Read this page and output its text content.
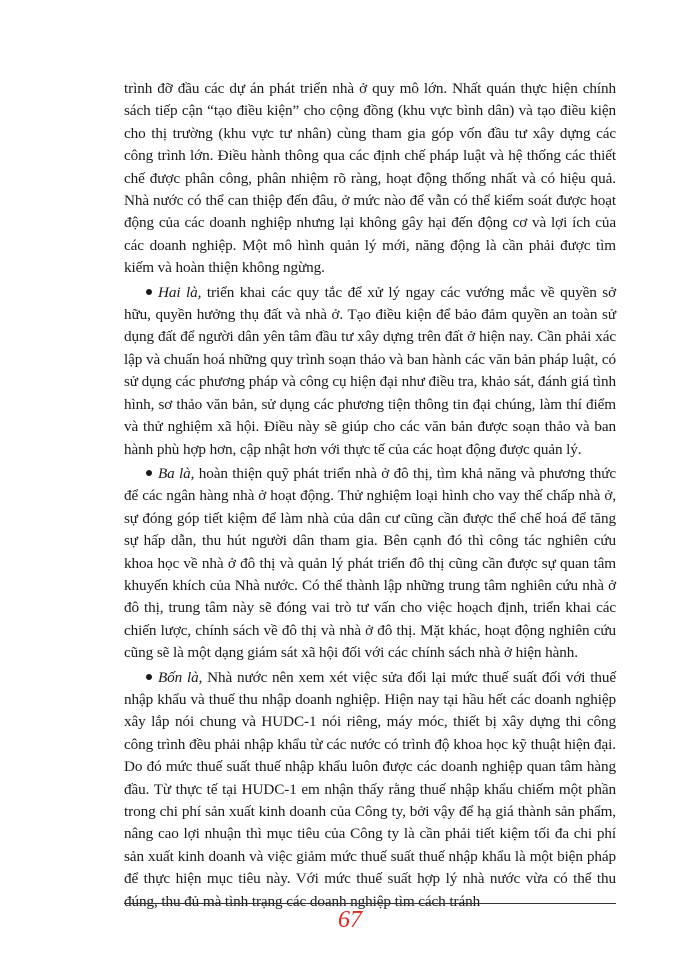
trình đỡ đầu các dự án phát triển nhà ở quy mô lớn. Nhất quán thực hiện chính sách tiếp cận “tạo điều kiện” cho cộng đồng (khu vực bình dân) và tạo điều kiện cho thị trường (khu vực tư nhân) cùng tham gia góp vốn đầu tư xây dựng các công trình lớn. Điều hành thông qua các định chế pháp luật và hệ thống các thiết chế được phân công, phân nhiệm rõ ràng, hoạt động thống nhất và có hiệu quả. Nhà nước có thể can thiệp đến đâu, ở mức nào để vẫn có thể kiểm soát được hoạt động của các doanh nghiệp nhưng lại không gây hại đến động cơ và lợi ích của các doanh nghiệp. Một mô hình quản lý mới, năng động là cần phải được tìm kiếm và hoàn thiện không ngừng.

Hai là, triển khai các quy tắc để xử lý ngay các vướng mắc về quyền sở hữu, quyền hưởng thụ đất và nhà ở. Tạo điều kiện để bảo đảm quyền an toàn sử dụng đất để người dân yên tâm đầu tư xây dựng trên đất ở hiện nay. Cần phải xác lập và chuẩn hoá những quy trình soạn thảo và ban hành các văn bản pháp luật, có sử dụng các phương pháp và công cụ hiện đại như điều tra, khảo sát, đánh giá tình hình, sơ thảo văn bản, sử dụng các phương tiện thông tin đại chúng, làm thí điểm và thử nghiệm xã hội. Điều này sẽ giúp cho các văn bản được soạn thảo và ban hành phù hợp hơn, cập nhật hơn với thực tế của các hoạt động được quản lý.

Ba là, hoàn thiện quỹ phát triển nhà ở đô thị, tìm khả năng và phương thức để các ngân hàng nhà ở hoạt động. Thử nghiệm loại hình cho vay thế chấp nhà ở, sự đóng góp tiết kiệm để làm nhà của dân cư cũng cần được thể chế hoá để tăng sự hấp dẫn, thu hút người dân tham gia. Bên cạnh đó thì công tác nghiên cứu khoa học về nhà ở đô thị và quản lý phát triển đô thị cũng cần được sự quan tâm khuyến khích của Nhà nước. Có thể thành lập những trung tâm nghiên cứu nhà ở đô thị, trung tâm này sẽ đóng vai trò tư vấn cho việc hoạch định, triển khai các chiến lược, chính sách về đô thị và nhà ở đô thị. Mặt khác, hoạt động nghiên cứu cũng sẽ là một dạng giám sát xã hội đối với các chính sách nhà ở hiện hành.

Bốn là, Nhà nước nên xem xét việc sửa đổi lại mức thuế suất đối với thuế nhập khẩu và thuế thu nhập doanh nghiệp. Hiện nay tại hầu hết các doanh nghiệp xây lắp nói chung và HUDC-1 nói riêng, máy móc, thiết bị xây dựng thi công công trình đều phải nhập khẩu từ các nước có trình độ khoa học kỹ thuật hiện đại. Do đó mức thuế suất thuế nhập khẩu luôn được các doanh nghiệp quan tâm hàng đầu. Từ thực tế tại HUDC-1 em nhận thấy rằng thuế nhập khẩu chiếm một phần trong chi phí sản xuất kinh doanh của Công ty, bởi vậy để hạ giá thành sản phẩm, nâng cao lợi nhuận thì mục tiêu của Công ty là cần phải tiết kiệm tối đa chi phí sản xuất kinh doanh và việc giảm mức thuế suất thuế nhập khẩu là một biện pháp để thực hiện mục tiêu này. Với mức thuế suất hợp lý nhà nước vừa có thể thu đúng, thu đủ mà tình trạng các doanh nghiệp tìm cách tránh

67
